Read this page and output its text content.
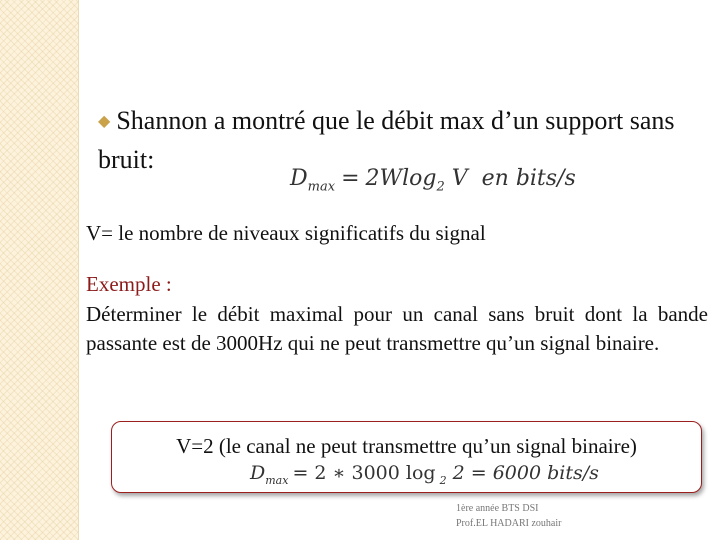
◆ Shannon a montré que le débit max d’un support sans bruit:
$D_{max} = 2Wlog_2$ V  en bits/s
V= le nombre de niveaux significatifs du signal
Exemple :
Déterminer le débit maximal pour un canal sans bruit dont la bande passante est de 3000Hz qui ne peut transmettre qu’un signal binaire.
V=2 (le canal ne peut transmettre qu’un signal binaire)
$D_{max} = 2$ ∗ 3000 log $_2$ 2 = 6000 bits/s
1ère année BTS DSI
Prof.EL HADARI zouhair
